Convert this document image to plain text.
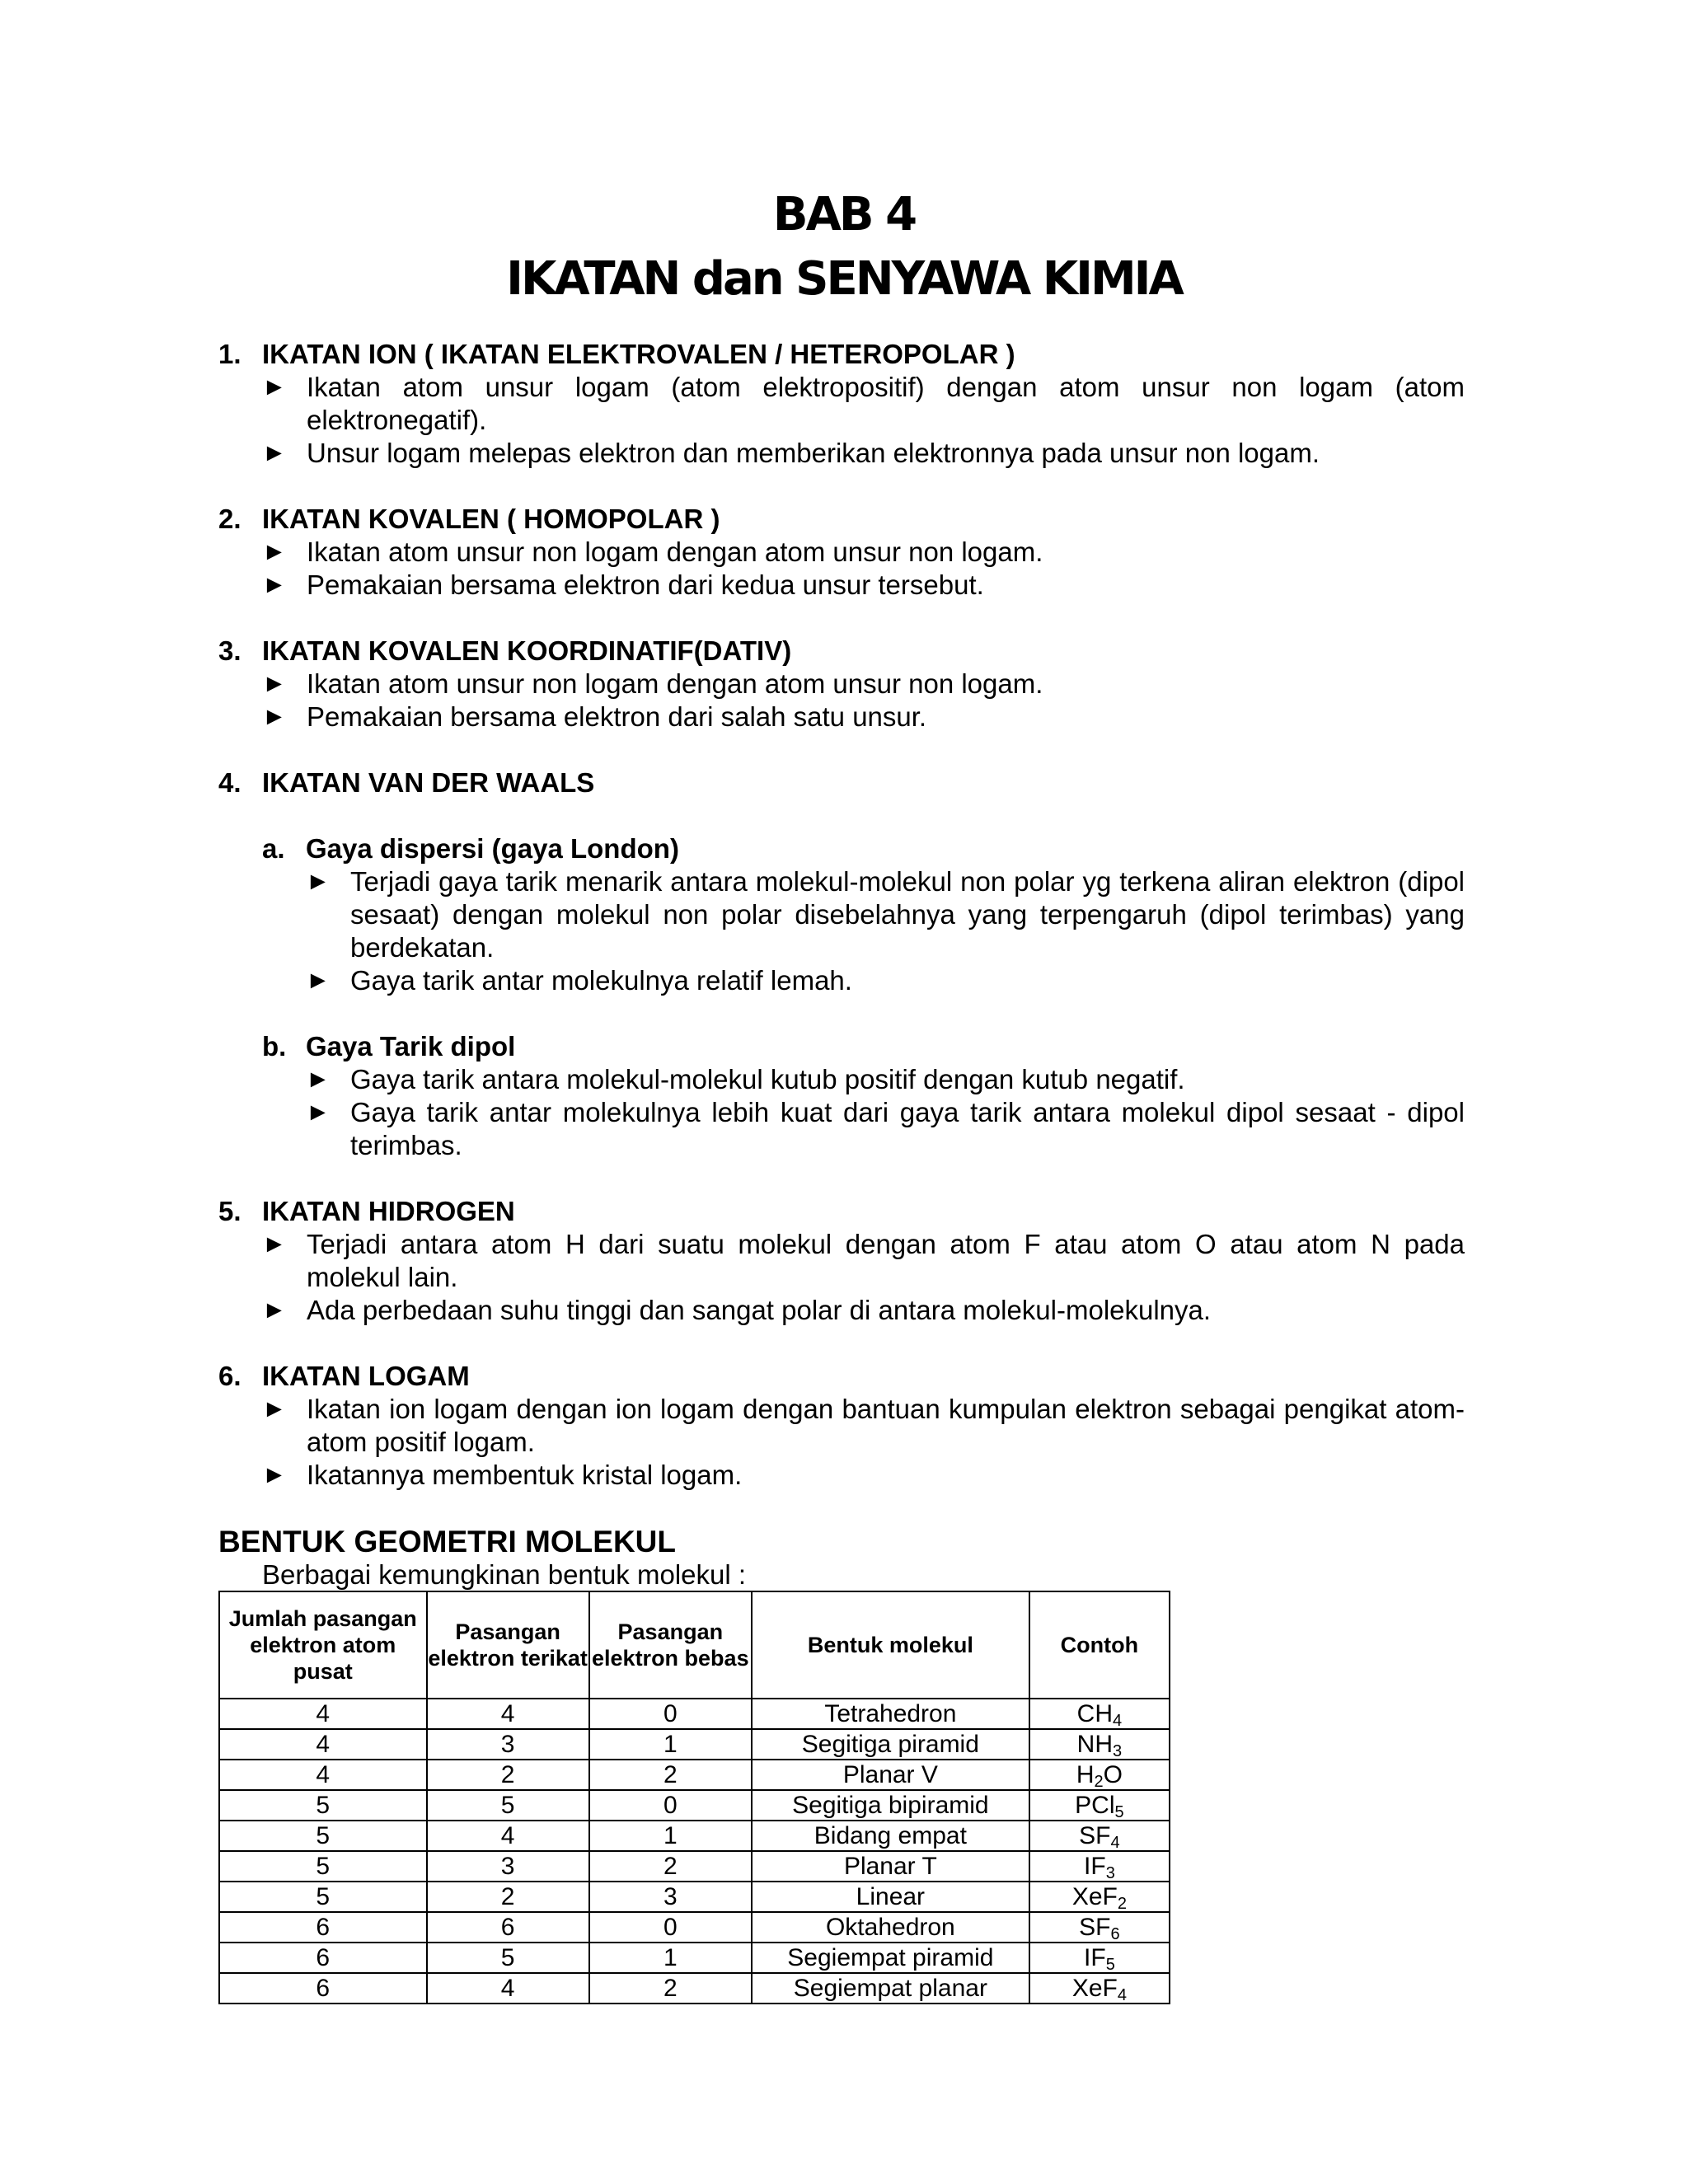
BAB 4
IKATAN dan SENYAWA KIMIA
1. IKATAN ION ( IKATAN ELEKTROVALEN / HETEROPOLAR )
► Ikatan atom unsur logam (atom elektropositif) dengan atom unsur non logam (atom elektronegatif).
► Unsur logam melepas elektron dan memberikan elektronnya pada unsur non logam.
2. IKATAN KOVALEN ( HOMOPOLAR )
► Ikatan atom unsur non logam dengan atom unsur non logam.
► Pemakaian bersama elektron dari kedua unsur tersebut.
3. IKATAN KOVALEN KOORDINATIF(DATIV)
► Ikatan atom unsur non logam dengan atom unsur non logam.
► Pemakaian bersama elektron dari salah satu unsur.
4. IKATAN VAN DER WAALS
a. Gaya dispersi (gaya London)
► Terjadi gaya tarik menarik antara molekul-molekul non polar yg terkena aliran elektron (dipol sesaat) dengan molekul non polar disebelahnya yang terpengaruh (dipol terimbas) yang berdekatan.
► Gaya tarik antar molekulnya relatif lemah.
b. Gaya Tarik dipol
► Gaya tarik antara molekul-molekul kutub positif dengan kutub negatif.
► Gaya tarik antar molekulnya lebih kuat dari gaya tarik antara molekul dipol sesaat - dipol terimbas.
5. IKATAN HIDROGEN
► Terjadi antara atom H dari suatu molekul dengan atom F atau atom O atau atom N pada molekul lain.
► Ada perbedaan suhu tinggi dan sangat polar di antara molekul-molekulnya.
6. IKATAN LOGAM
► Ikatan ion logam dengan ion logam dengan bantuan kumpulan elektron sebagai pengikat atom-atom positif logam.
► Ikatannya membentuk kristal logam.
BENTUK GEOMETRI MOLEKUL
Berbagai kemungkinan bentuk molekul :
Jumlah pasangan elektron atom pusat	Pasangan elektron terikat	Pasangan elektron bebas	Bentuk molekul	Contoh
4	4	0	Tetrahedron	$CH_4$
4	3	1	Segitiga piramid	$NH_3$
4	2	2	Planar V	$H_2O$
5	5	0	Segitiga bipiramid	PCl$_5$
5	4	1	Bidang empat	$SF_4$
5	3	2	Planar T	$IF_3$
5	2	3	Linear	XeF$_2$
6	6	0	Oktahedron	$SF_6$
6	5	1	Segiempat piramid	$IF_5$
6	4	2	Segiempat planar	XeF$_4$
